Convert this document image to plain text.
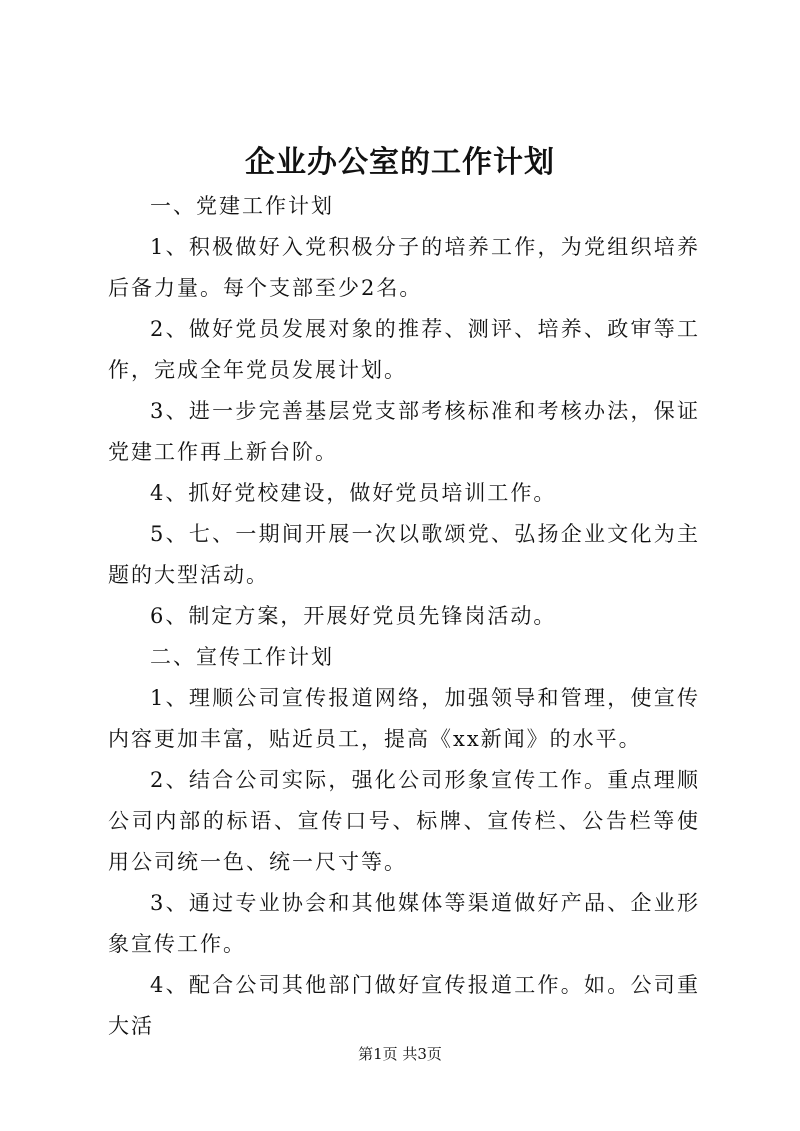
企业办公室的工作计划

一、党建工作计划

1、积极做好入党积极分子的培养工作，为党组织培养后备力量。每个支部至少2名。

2、做好党员发展对象的推荐、测评、培养、政审等工作，完成全年党员发展计划。

3、进一步完善基层党支部考核标准和考核办法，保证党建工作再上新台阶。

4、抓好党校建设，做好党员培训工作。

5、七、一期间开展一次以歌颂党、弘扬企业文化为主题的大型活动。

6、制定方案，开展好党员先锋岗活动。

二、宣传工作计划

1、理顺公司宣传报道网络，加强领导和管理，使宣传内容更加丰富，贴近员工，提高《xx新闻》的水平。

2、结合公司实际，强化公司形象宣传工作。重点理顺公司内部的标语、宣传口号、标牌、宣传栏、公告栏等使用公司统一色、统一尺寸等。

3、通过专业协会和其他媒体等渠道做好产品、企业形象宣传工作。

4、配合公司其他部门做好宣传报道工作。如。公司重大活

第1页 共3页
